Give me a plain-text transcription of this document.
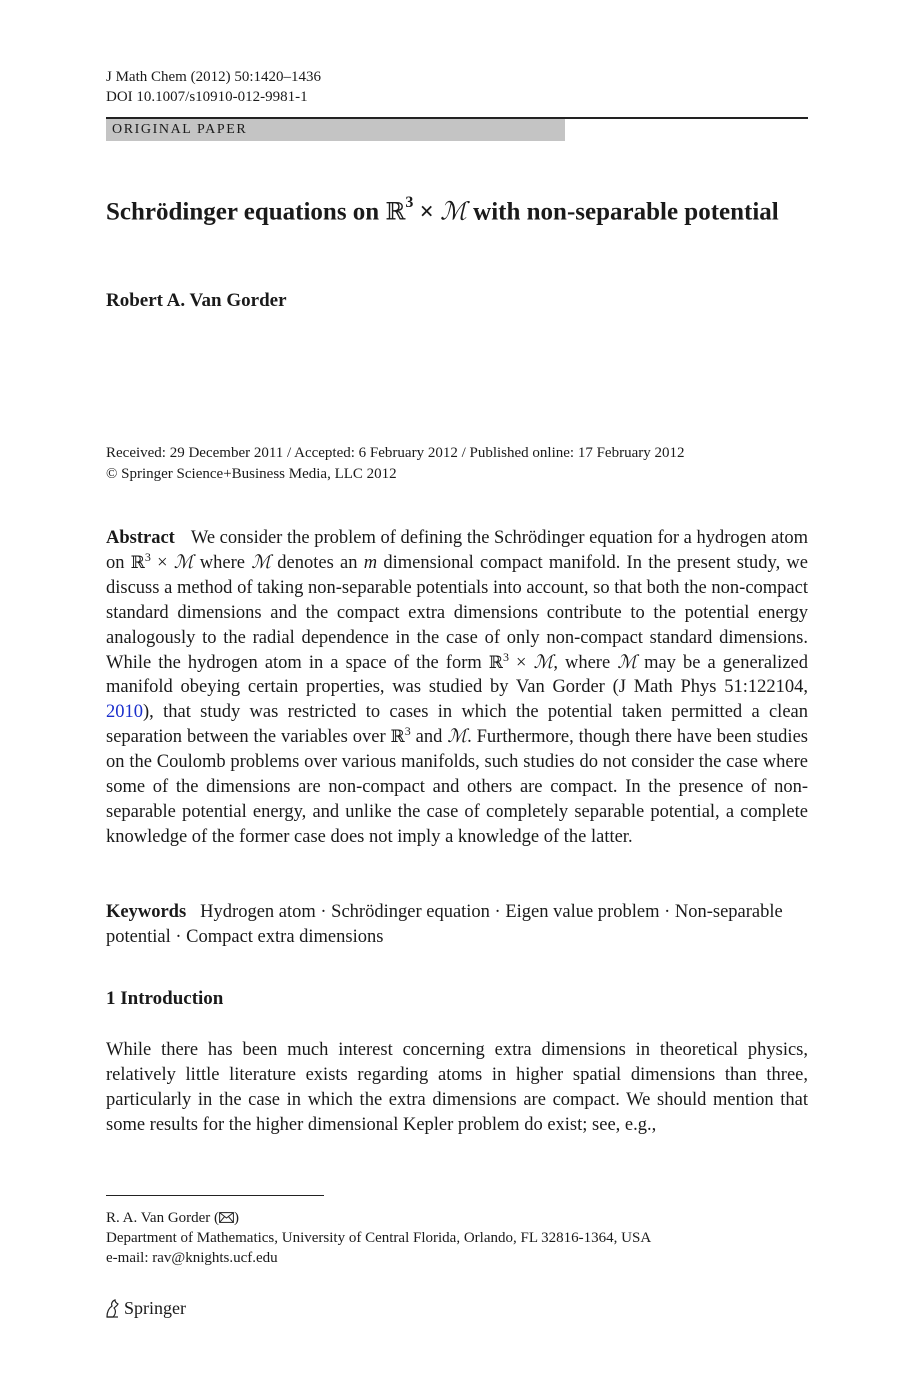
J Math Chem (2012) 50:1420–1436
DOI 10.1007/s10910-012-9981-1
ORIGINAL PAPER
Schrödinger equations on ℝ$^3$ × ℳ with non-separable potential
Robert A. Van Gorder
Received: 29 December 2011 / Accepted: 6 February 2012 / Published online: 17 February 2012
© Springer Science+Business Media, LLC 2012
Abstract We consider the problem of defining the Schrödinger equation for a hydrogen atom on ℝ$^3$ × ℳ where ℳ denotes an m dimensional compact manifold. In the present study, we discuss a method of taking non-separable potentials into account, so that both the non-compact standard dimensions and the compact extra dimensions contribute to the potential energy analogously to the radial dependence in the case of only non-compact standard dimensions. While the hydrogen atom in a space of the form ℝ$^3$ × ℳ, where ℳ may be a generalized manifold obeying certain properties, was studied by Van Gorder (J Math Phys 51:122104, 2010), that study was restricted to cases in which the potential taken permitted a clean separation between the variables over ℝ$^3$ and ℳ. Furthermore, though there have been studies on the Coulomb problems over various manifolds, such studies do not consider the case where some of the dimensions are non-compact and others are compact. In the presence of non-separable potential energy, and unlike the case of completely separable potential, a complete knowledge of the former case does not imply a knowledge of the latter.
Keywords Hydrogen atom · Schrödinger equation · Eigen value problem · Non-separable potential · Compact extra dimensions
1 Introduction
While there has been much interest concerning extra dimensions in theoretical physics, relatively little literature exists regarding atoms in higher spatial dimensions than three, particularly in the case in which the extra dimensions are compact. We should mention that some results for the higher dimensional Kepler problem do exist; see, e.g.,
R. A. Van Gorder ( )
Department of Mathematics, University of Central Florida, Orlando, FL 32816-1364, USA
e-mail: rav@knights.ucf.edu
Springer
